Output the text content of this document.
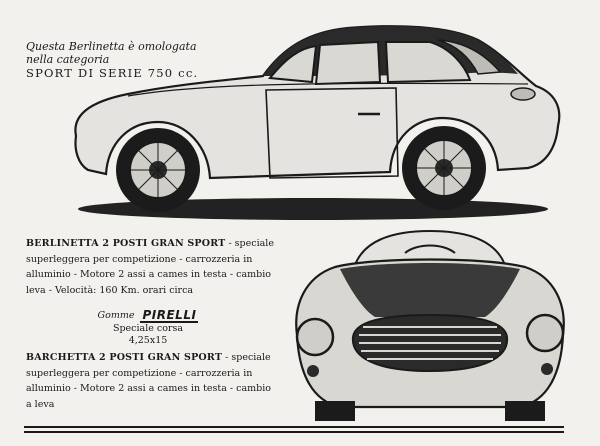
Questa Berlinetta è omologata
nella categoria
SPORT DI SERIE 750 cc.
BERLINETTA 2 POSTI GRAN SPORT - speciale superleggera per competizione - carrozzeria in alluminio - Motore 2 assi a cames in testa - cambio leva - Velocità: 160 Km. orari circa
Gomme PIRELLI
Speciale corsa
4,25x15
BARCHETTA 2 POSTI GRAN SPORT - speciale superleggera per competizione - carrozzeria in alluminio - Motore 2 assi a cames in testa - cambio a leva
